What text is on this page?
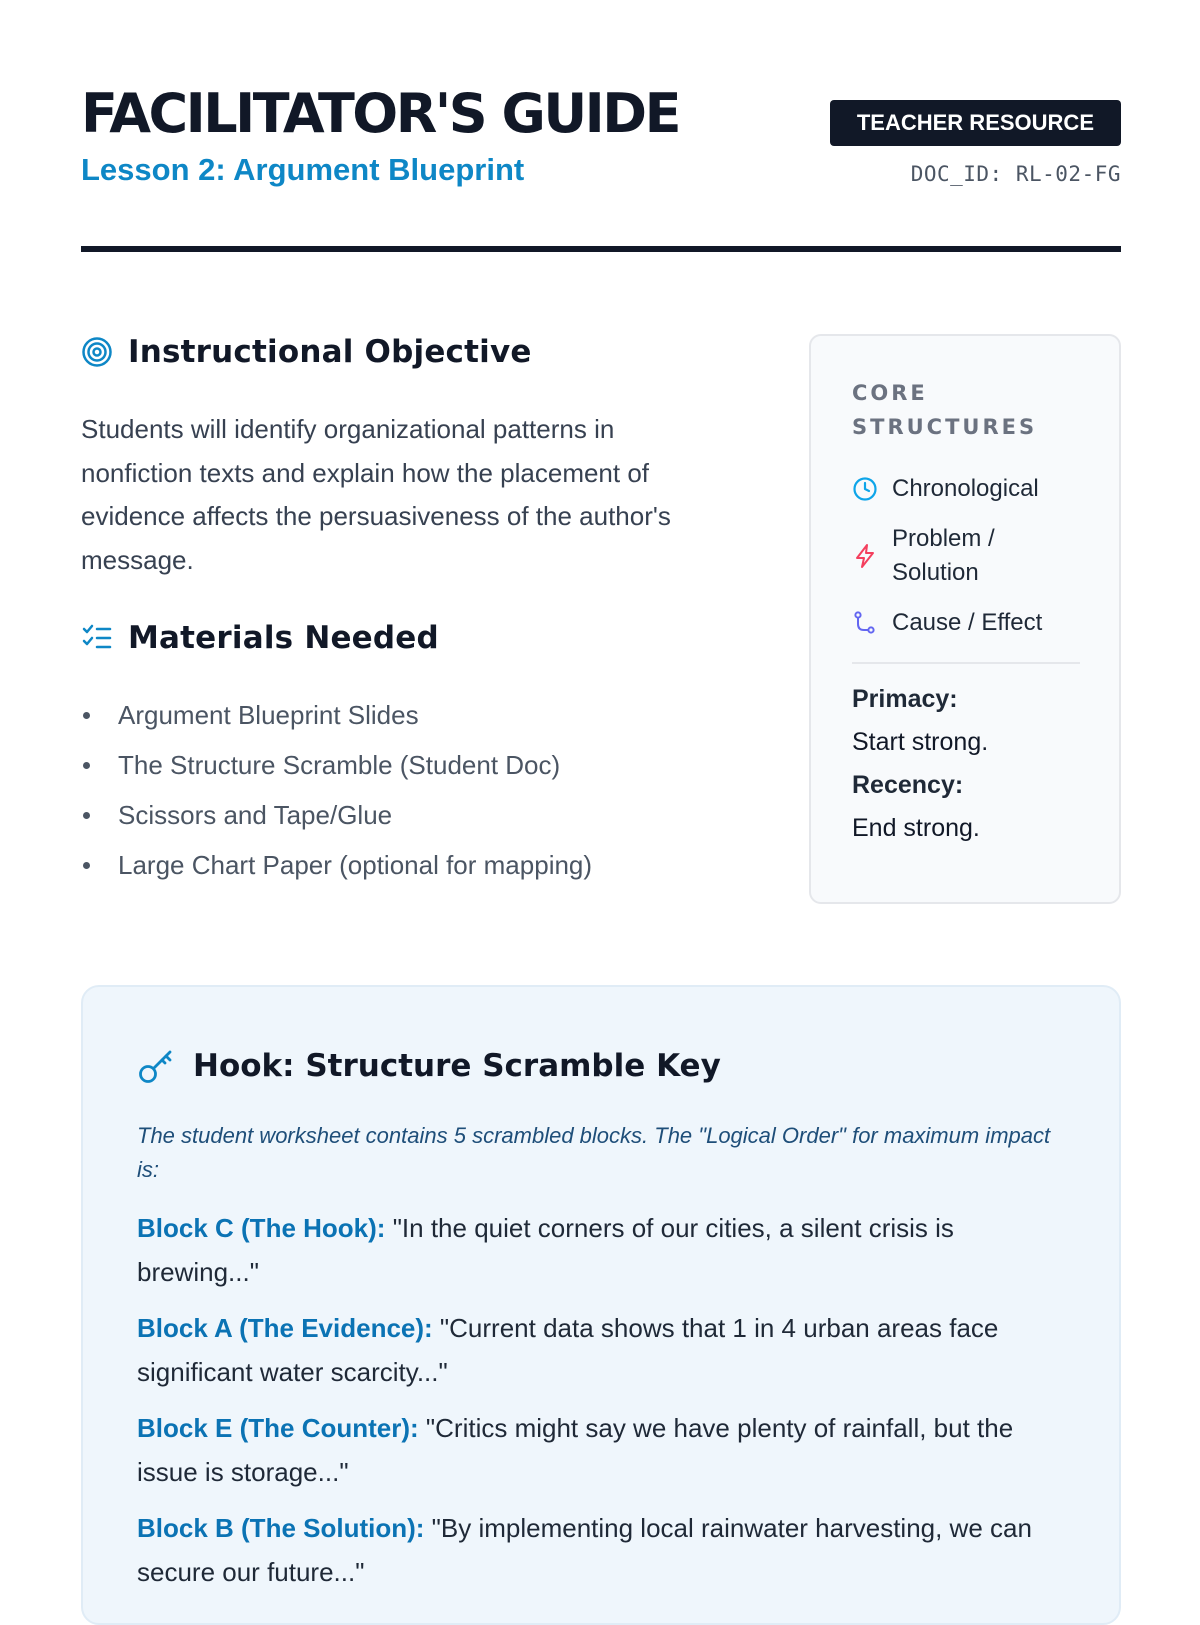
FACILITATOR'S GUIDE
Lesson 2: Argument Blueprint
TEACHER RESOURCE
DOC_ID: RL-02-FG
Instructional Objective

Students will identify organizational patterns in nonfiction texts and explain how the placement of evidence affects the persuasiveness of the author's message.

Materials Needed
Argument Blueprint Slides
The Structure Scramble (Student Doc)
Scissors and Tape/Glue
Large Chart Paper (optional for mapping)

CORE STRUCTURES

Chronological
Problem / Solution
Cause / Effect

Primacy:

Start strong.

Recency:

End strong.

Hook: Structure Scramble Key

The student worksheet contains 5 scrambled blocks. The "Logical Order" for maximum impact is:

Block C (The Hook): "In the quiet corners of our cities, a silent crisis is brewing..."

Block A (The Evidence): "Current data shows that 1 in 4 urban areas face significant water scarcity..."

Block E (The Counter): "Critics might say we have plenty of rainfall, but the issue is storage..."

Block B (The Solution): "By implementing local rainwater harvesting, we can secure our future..."
